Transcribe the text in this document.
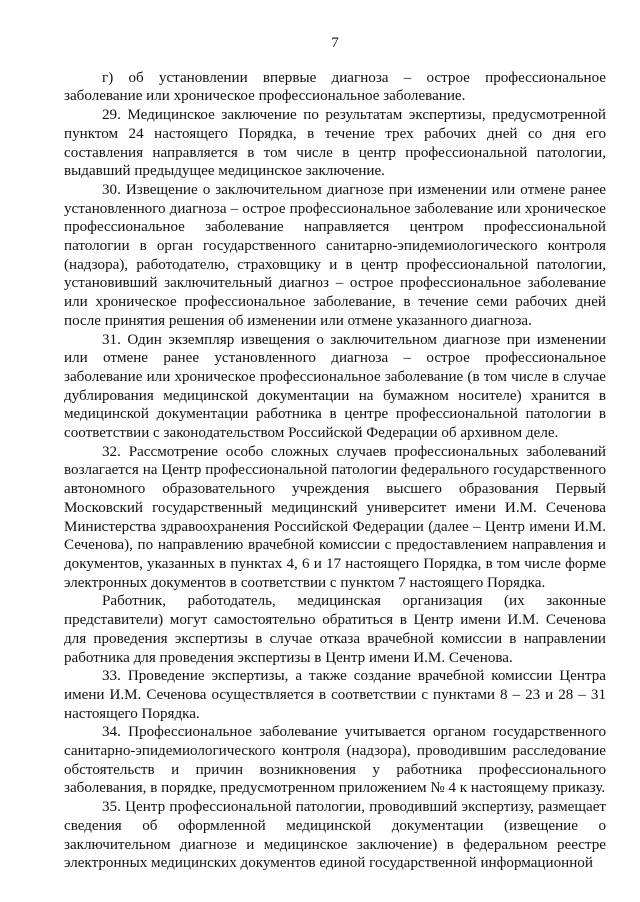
7

г) об установлении впервые диагноза – острое профессиональное заболевание или хроническое профессиональное заболевание.

29. Медицинское заключение по результатам экспертизы, предусмотренной пунктом 24 настоящего Порядка, в течение трех рабочих дней со дня его составления направляется в том числе в центр профессиональной патологии, выдавший предыдущее медицинское заключение.

30. Извещение о заключительном диагнозе при изменении или отмене ранее установленного диагноза – острое профессиональное заболевание или хроническое профессиональное заболевание направляется центром профессиональной патологии в орган государственного санитарно-эпидемиологического контроля (надзора), работодателю, страховщику и в центр профессиональной патологии, установивший заключительный диагноз – острое профессиональное заболевание или хроническое профессиональное заболевание, в течение семи рабочих дней после принятия решения об изменении или отмене указанного диагноза.

31. Один экземпляр извещения о заключительном диагнозе при изменении или отмене ранее установленного диагноза – острое профессиональное заболевание или хроническое профессиональное заболевание (в том числе в случае дублирования медицинской документации на бумажном носителе) хранится в медицинской документации работника в центре профессиональной патологии в соответствии с законодательством Российской Федерации об архивном деле.

32. Рассмотрение особо сложных случаев профессиональных заболеваний возлагается на Центр профессиональной патологии федерального государственного автономного образовательного учреждения высшего образования Первый Московский государственный медицинский университет имени И.М. Сеченова Министерства здравоохранения Российской Федерации (далее – Центр имени И.М. Сеченова), по направлению врачебной комиссии с предоставлением направления и документов, указанных в пунктах 4, 6 и 17 настоящего Порядка, в том числе форме электронных документов в соответствии с пунктом 7 настоящего Порядка.

Работник, работодатель, медицинская организация (их законные представители) могут самостоятельно обратиться в Центр имени И.М. Сеченова для проведения экспертизы в случае отказа врачебной комиссии в направлении работника для проведения экспертизы в Центр имени И.М. Сеченова.

33. Проведение экспертизы, а также создание врачебной комиссии Центра имени И.М. Сеченова осуществляется в соответствии с пунктами 8 – 23 и 28 – 31 настоящего Порядка.

34. Профессиональное заболевание учитывается органом государственного санитарно-эпидемиологического контроля (надзора), проводившим расследование обстоятельств и причин возникновения у работника профессионального заболевания, в порядке, предусмотренном приложением № 4 к настоящему приказу.

35. Центр профессиональной патологии, проводивший экспертизу, размещает сведения об оформленной медицинской документации (извещение о заключительном диагнозе и медицинское заключение) в федеральном реестре электронных медицинских документов единой государственной информационной
